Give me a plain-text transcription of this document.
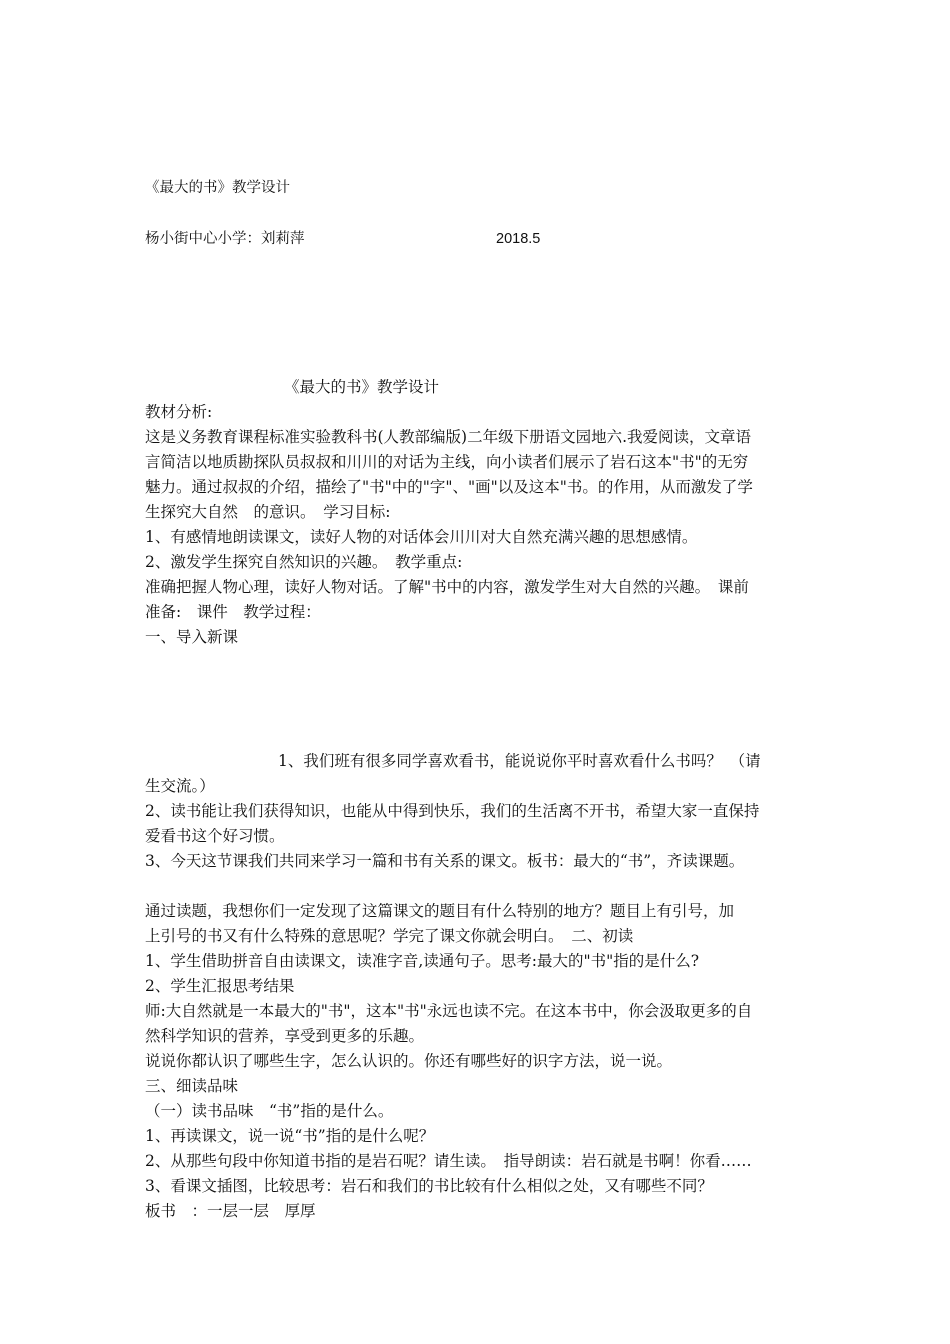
《最大的书》教学设计
杨小街中心小学：刘莉萍	2018.5
《最大的书》教学设计
教材分析:
这是义务教育课程标准实验教科书(人教部编版)二年级下册语文园地六.我爱阅读，文章语
言简洁以地质勘探队员叔叔和川川的对话为主线，向小读者们展示了岩石这本"书"的无穷
魅力。通过叔叔的介绍，描绘了"书"中的"字"、"画"以及这本"书。的作用，从而激发了学
生探究大自然　的意识。　学习目标:
1、有感情地朗读课文，读好人物的对话体会川川对大自然充满兴趣的思想感情。
2、激发学生探究自然知识的兴趣。　教学重点:
准确把握人物心理，读好人物对话。了解"书中的内容，激发学生对大自然的兴趣。　课前
准备:　课件　教学过程：
一、导入新课
1、我们班有很多同学喜欢看书，能说说你平时喜欢看什么书吗？　（请
生交流。）
2、读书能让我们获得知识，也能从中得到快乐，我们的生活离不开书，希望大家一直保持
爱看书这个好习惯。
3、今天这节课我们共同来学习一篇和书有关系的课文。板书：最大的“书”，齐读课题。
通过读题，我想你们一定发现了这篇课文的题目有什么特别的地方？题目上有引号，加
上引号的书又有什么特殊的意思呢？学完了课文你就会明白。　二、初读
1、学生借助拼音自由读课文，读准字音,读通句子。思考:最大的"书"指的是什么?
2、学生汇报思考结果
师:大自然就是一本最大的"书"，这本"书"永远也读不完。在这本书中，你会汲取更多的自
然科学知识的营养，享受到更多的乐趣。
说说你都认识了哪些生字，怎么认识的。你还有哪些好的识字方法，说一说。
三、细读品味
（一）读书品味　“书”指的是什么。
1、再读课文，说一说“书”指的是什么呢？
2、从那些句段中你知道书指的是岩石呢？请生读。　指导朗读：岩石就是书啊！你看……
3、看课文插图，比较思考：岩石和我们的书比较有什么相似之处，又有哪些不同？
板书　：一层一层　厚厚
